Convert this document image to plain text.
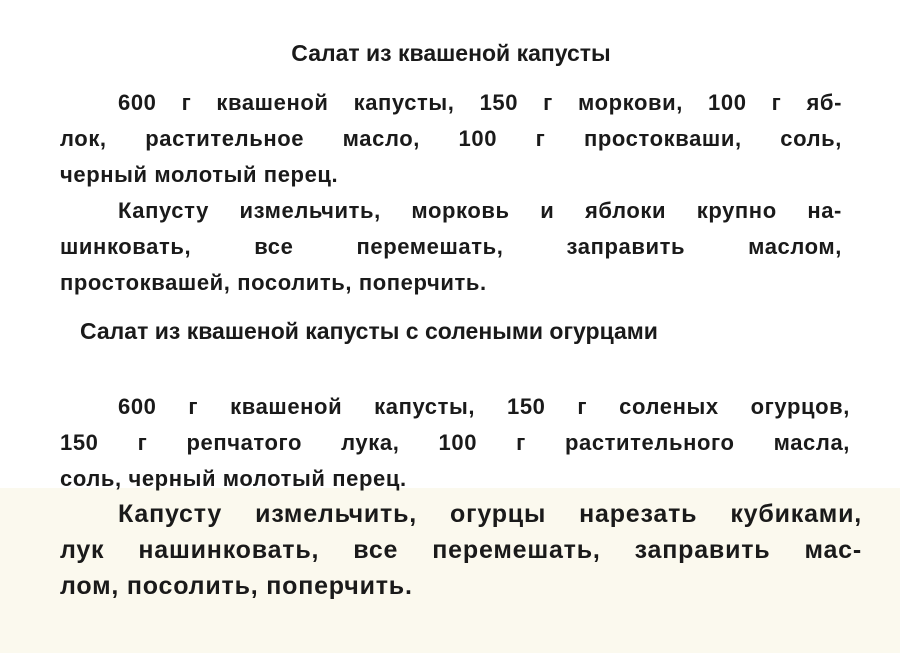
Салат из квашеной капусты

600 г квашеной капусты, 150 г моркови, 100 г яб-

лок, растительное масло, 100 г простокваши, соль,

черный молотый перец.

Капусту измельчить, морковь и яблоки крупно на-

шинковать, все перемешать, заправить маслом,

простоквашей, посолить, поперчить.

Салат из квашеной капусты с солеными огурцами

600 г квашеной капусты, 150 г соленых огурцов,

150 г репчатого лука, 100 г растительного масла,

соль, черный молотый перец.

Капусту измельчить, огурцы нарезать кубиками,

лук нашинковать, все перемешать, заправить мас-

лом, посолить, поперчить.
